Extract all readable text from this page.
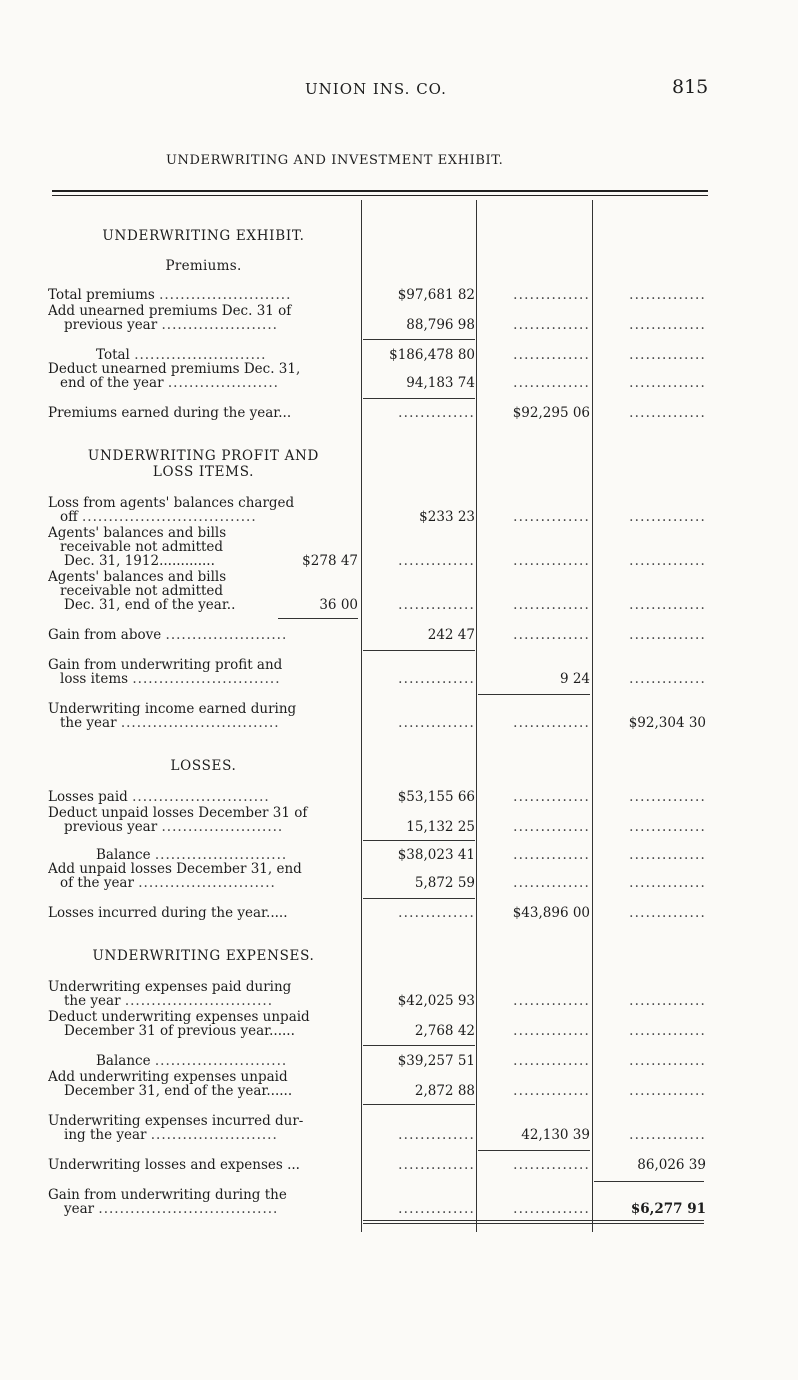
UNION INS. CO.	815
UNDERWRITING AND INVESTMENT EXHIBIT.
UNDERWRITING EXHIBIT.
Premiums.
Total premiums .........................	$97,681 82	..............	..............
Add unearned premiums Dec. 31 of
previous year ......................	88,796 98	..............	..............
Total .........................	$186,478 80	..............	..............
Deduct unearned premiums Dec. 31,
end of the year .....................	94,183 74	..............	..............
Premiums earned during the year...	..............	$92,295 06	..............
UNDERWRITING PROFIT AND
LOSS ITEMS.
Loss from agents' balances charged
off .................................	$233 23	..............	..............
Agents' balances and bills
receivable not admitted
Dec. 31, 1912.............	$278 47	..............	..............	..............
Agents' balances and bills
receivable not admitted
Dec. 31, end of the year..	36 00	..............	..............	..............
Gain from above .......................	242 47	..............	..............
Gain from underwriting profit and
loss items ............................	..............	9 24	..............
Underwriting income earned during
the year ..............................	..............	..............	$92,304 30
LOSSES.
Losses paid ..........................	$53,155 66	..............	..............
Deduct unpaid losses December 31 of
previous year .......................	15,132 25	..............	..............
Balance .........................	$38,023 41	..............	..............
Add unpaid losses December 31, end
of the year ..........................	5,872 59	..............	..............
Losses incurred during the year.....	..............	$43,896 00	..............
UNDERWRITING EXPENSES.
Underwriting expenses paid during
the year ............................	$42,025 93	..............	..............
Deduct underwriting expenses unpaid
December 31 of previous year......	2,768 42	..............	..............
Balance .........................	$39,257 51	..............	..............
Add underwriting expenses unpaid
December 31, end of the year......	2,872 88	..............	..............
Underwriting expenses incurred dur-
ing the year ........................	..............	42,130 39	..............
Underwriting losses and expenses ...	..............	..............	86,026 39
Gain from underwriting during the
year ..................................	..............	..............	$6,277 91
